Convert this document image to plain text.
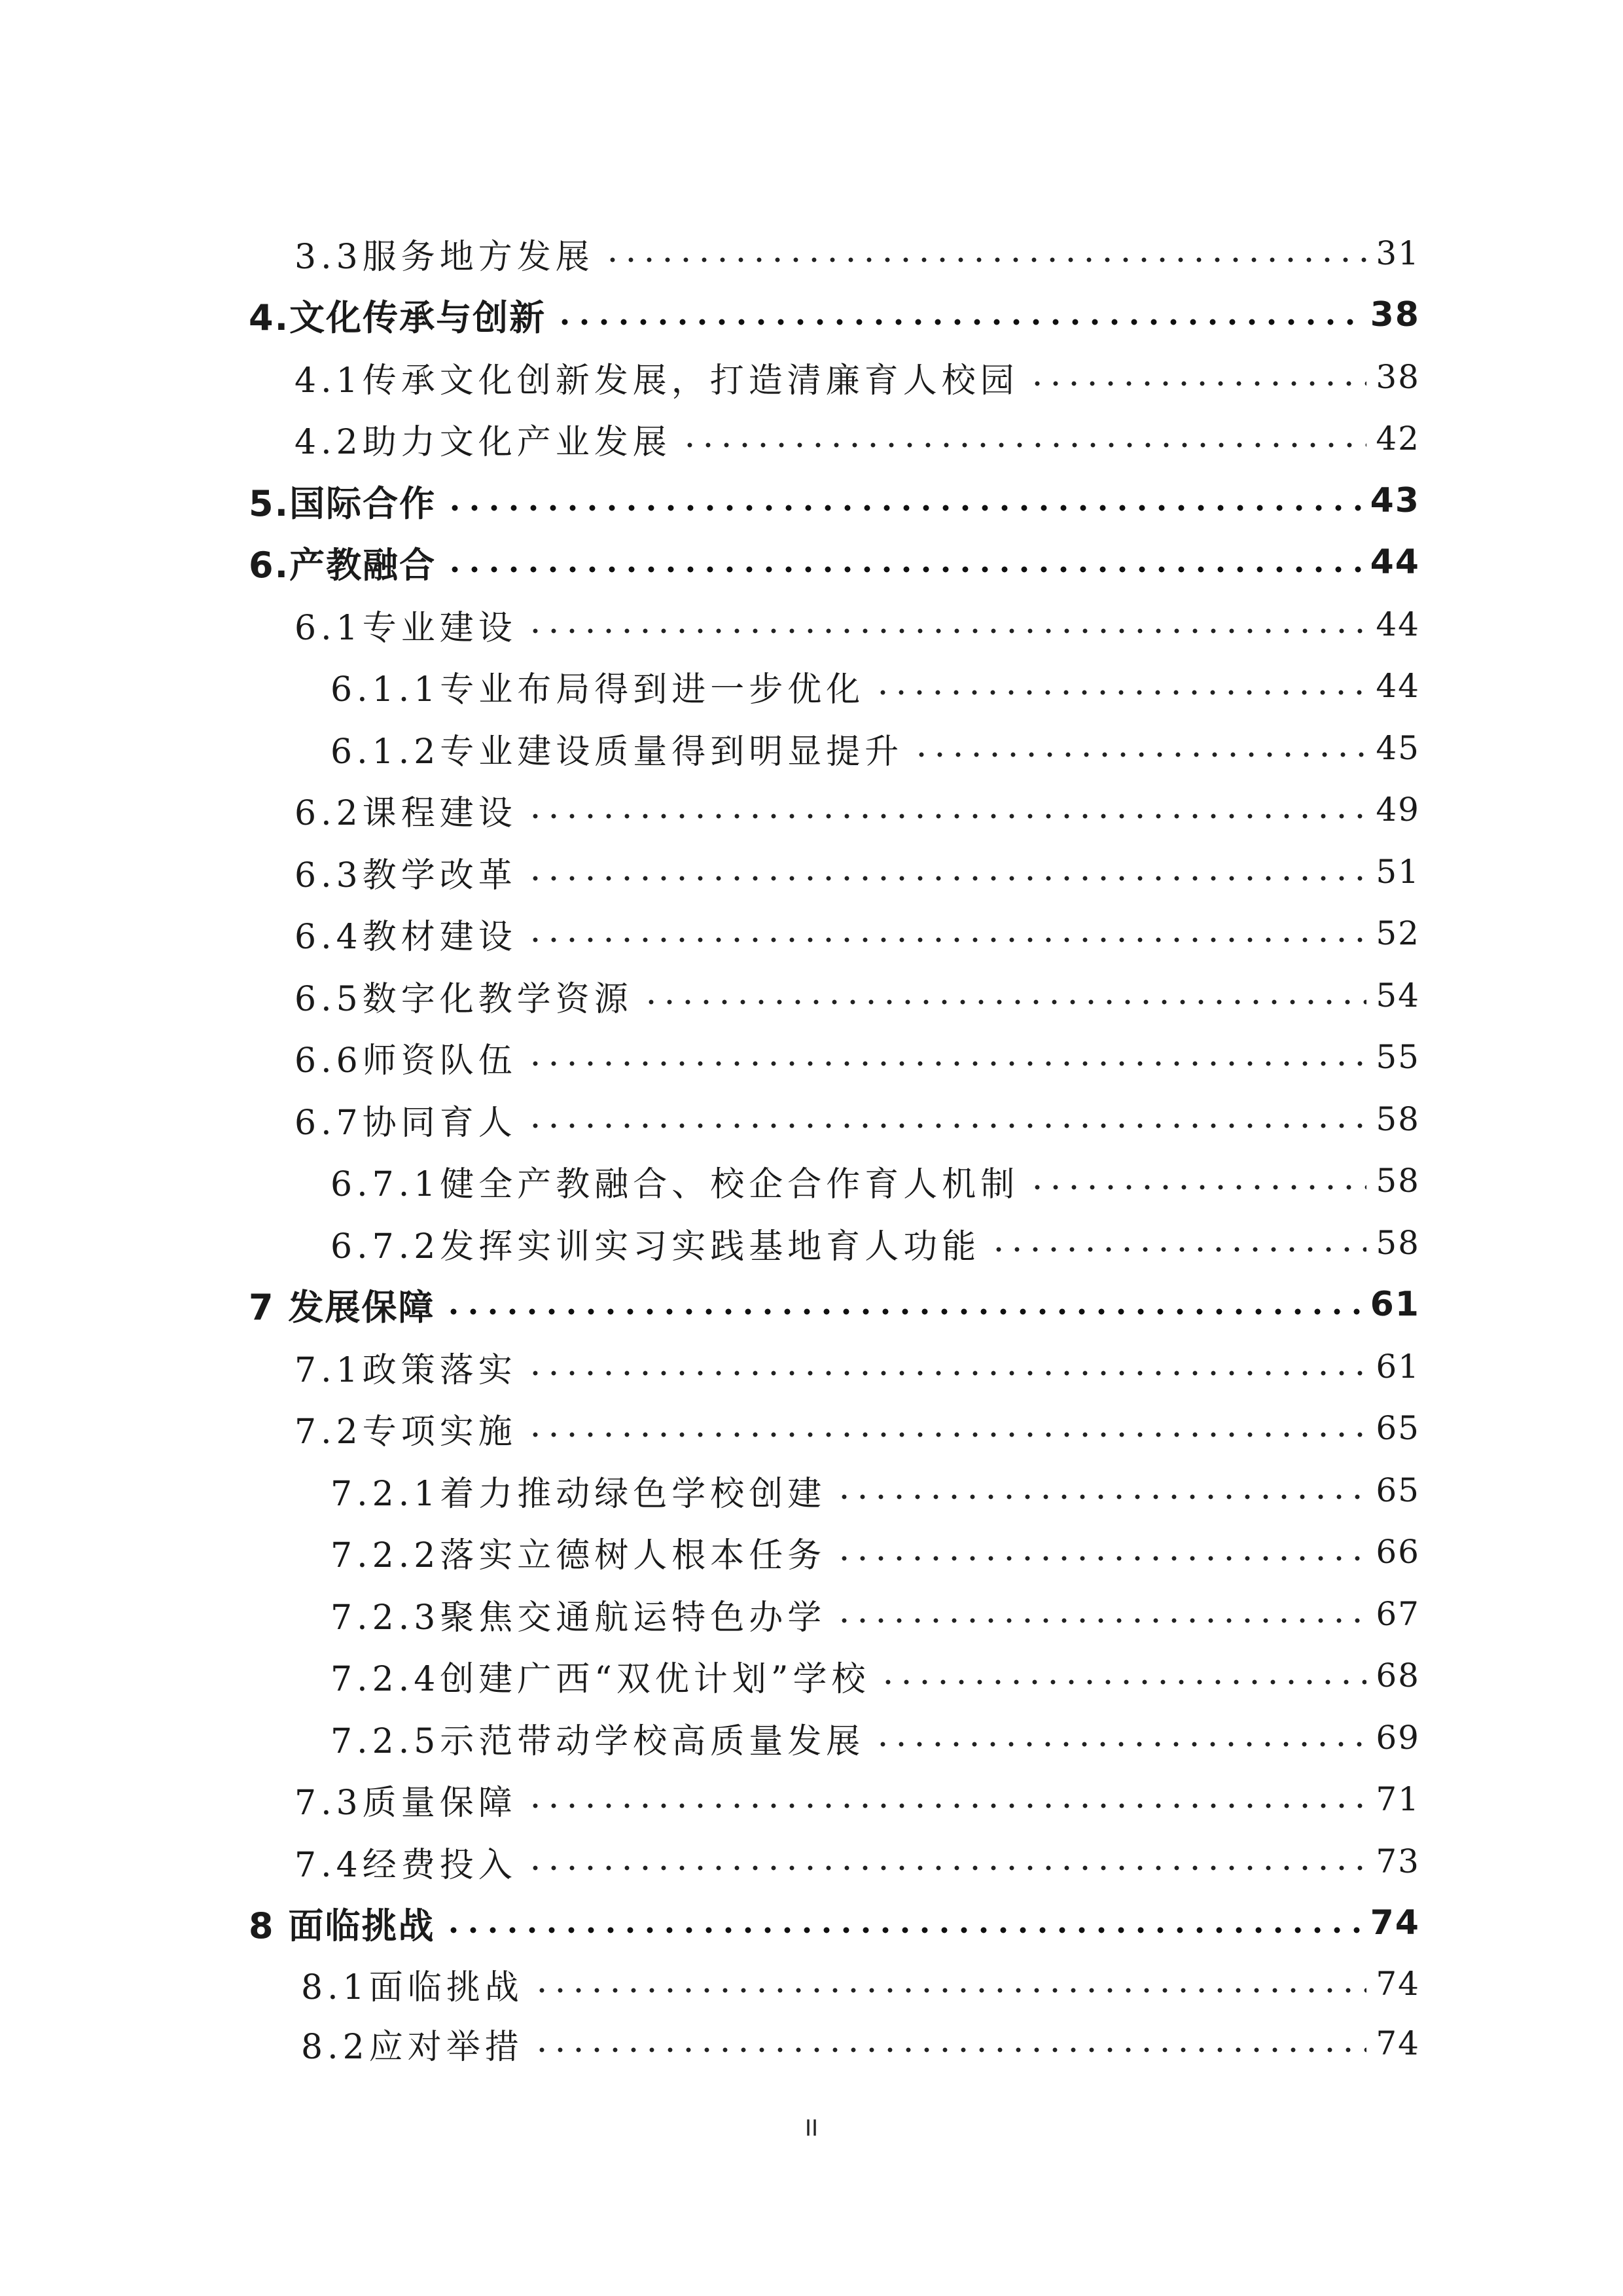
3.3服务地方发展	31
4.文化传承与创新	38
4.1传承文化创新发展，打造清廉育人校园	38
4.2助力文化产业发展	42
5.国际合作	43
6.产教融合	44
6.1专业建设	44
6.1.1专业布局得到进一步优化	44
6.1.2专业建设质量得到明显提升	45
6.2课程建设	49
6.3教学改革	51
6.4教材建设	52
6.5数字化教学资源	54
6.6师资队伍	55
6.7协同育人	58
6.7.1健全产教融合、校企合作育人机制	58
6.7.2发挥实训实习实践基地育人功能	58
7 发展保障	61
7.1政策落实	61
7.2专项实施	65
7.2.1着力推动绿色学校创建	65
7.2.2落实立德树人根本任务	66
7.2.3聚焦交通航运特色办学	67
7.2.4创建广西“双优计划”学校	68
7.2.5示范带动学校高质量发展	69
7.3质量保障	71
7.4经费投入	73
8 面临挑战	74
8.1面临挑战	74
8.2应对举措	74
II
